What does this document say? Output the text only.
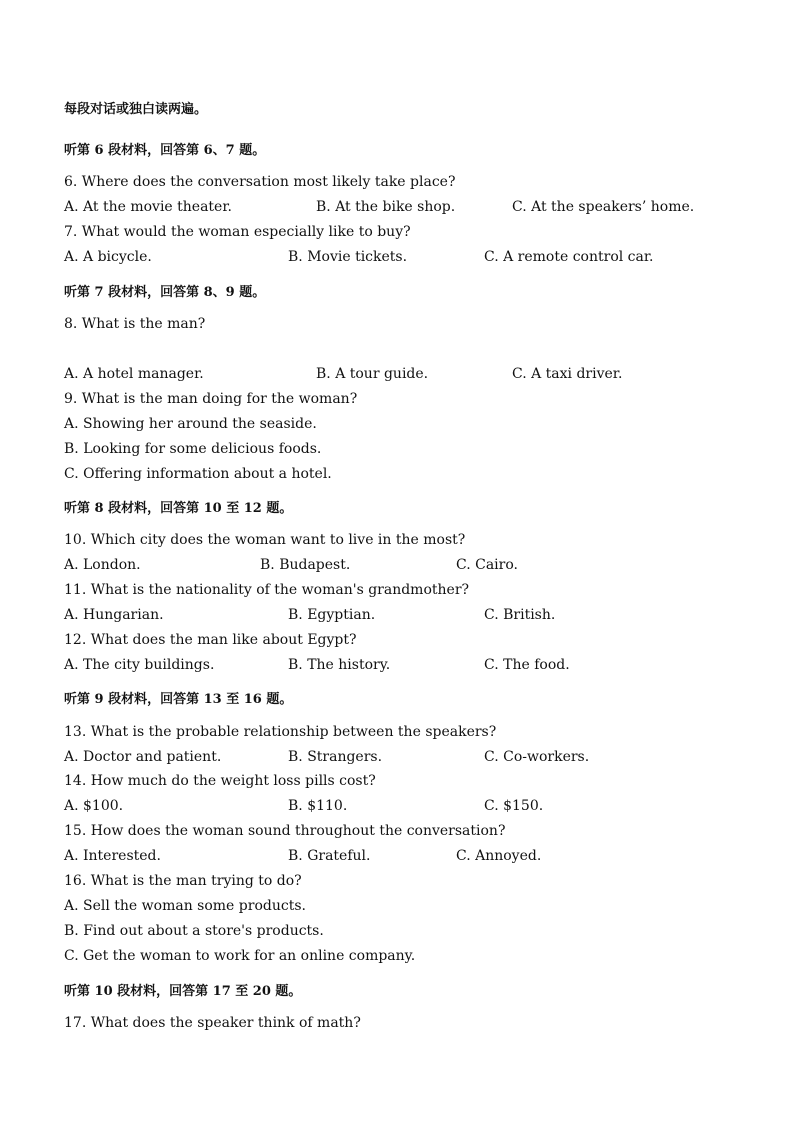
每段对话或独白读两遍。
听第 6 段材料，回答第 6、7 题。
6. Where does the conversation most likely take place?
A. At the movie theater.	B. At the bike shop.	C. At the speakers’ home.
7. What would the woman especially like to buy?
A. A bicycle.	B. Movie tickets.	C. A remote control car.
听第 7 段材料，回答第 8、9 题。
8. What is the man?
A. A hotel manager.	B. A tour guide.	C. A taxi driver.
9. What is the man doing for the woman?
A. Showing her around the seaside.
B. Looking for some delicious foods.
C. Offering information about a hotel.
听第 8 段材料，回答第 10 至 12 题。
10. Which city does the woman want to live in the most?
A. London.	B. Budapest.	C. Cairo.
11. What is the nationality of the woman's grandmother?
A. Hungarian.	B. Egyptian.	C. British.
12. What does the man like about Egypt?
A. The city buildings.	B. The history.	C. The food.
听第 9 段材料，回答第 13 至 16 题。
13. What is the probable relationship between the speakers?
A. Doctor and patient.	B. Strangers.	C. Co-workers.
14. How much do the weight loss pills cost?
A. $100.	B. $110.	C. $150.
15. How does the woman sound throughout the conversation?
A. Interested.	B. Grateful.	C. Annoyed.
16. What is the man trying to do?
A. Sell the woman some products.
B. Find out about a store's products.
C. Get the woman to work for an online company.
听第 10 段材料，回答第 17 至 20 题。
17. What does the speaker think of math?
